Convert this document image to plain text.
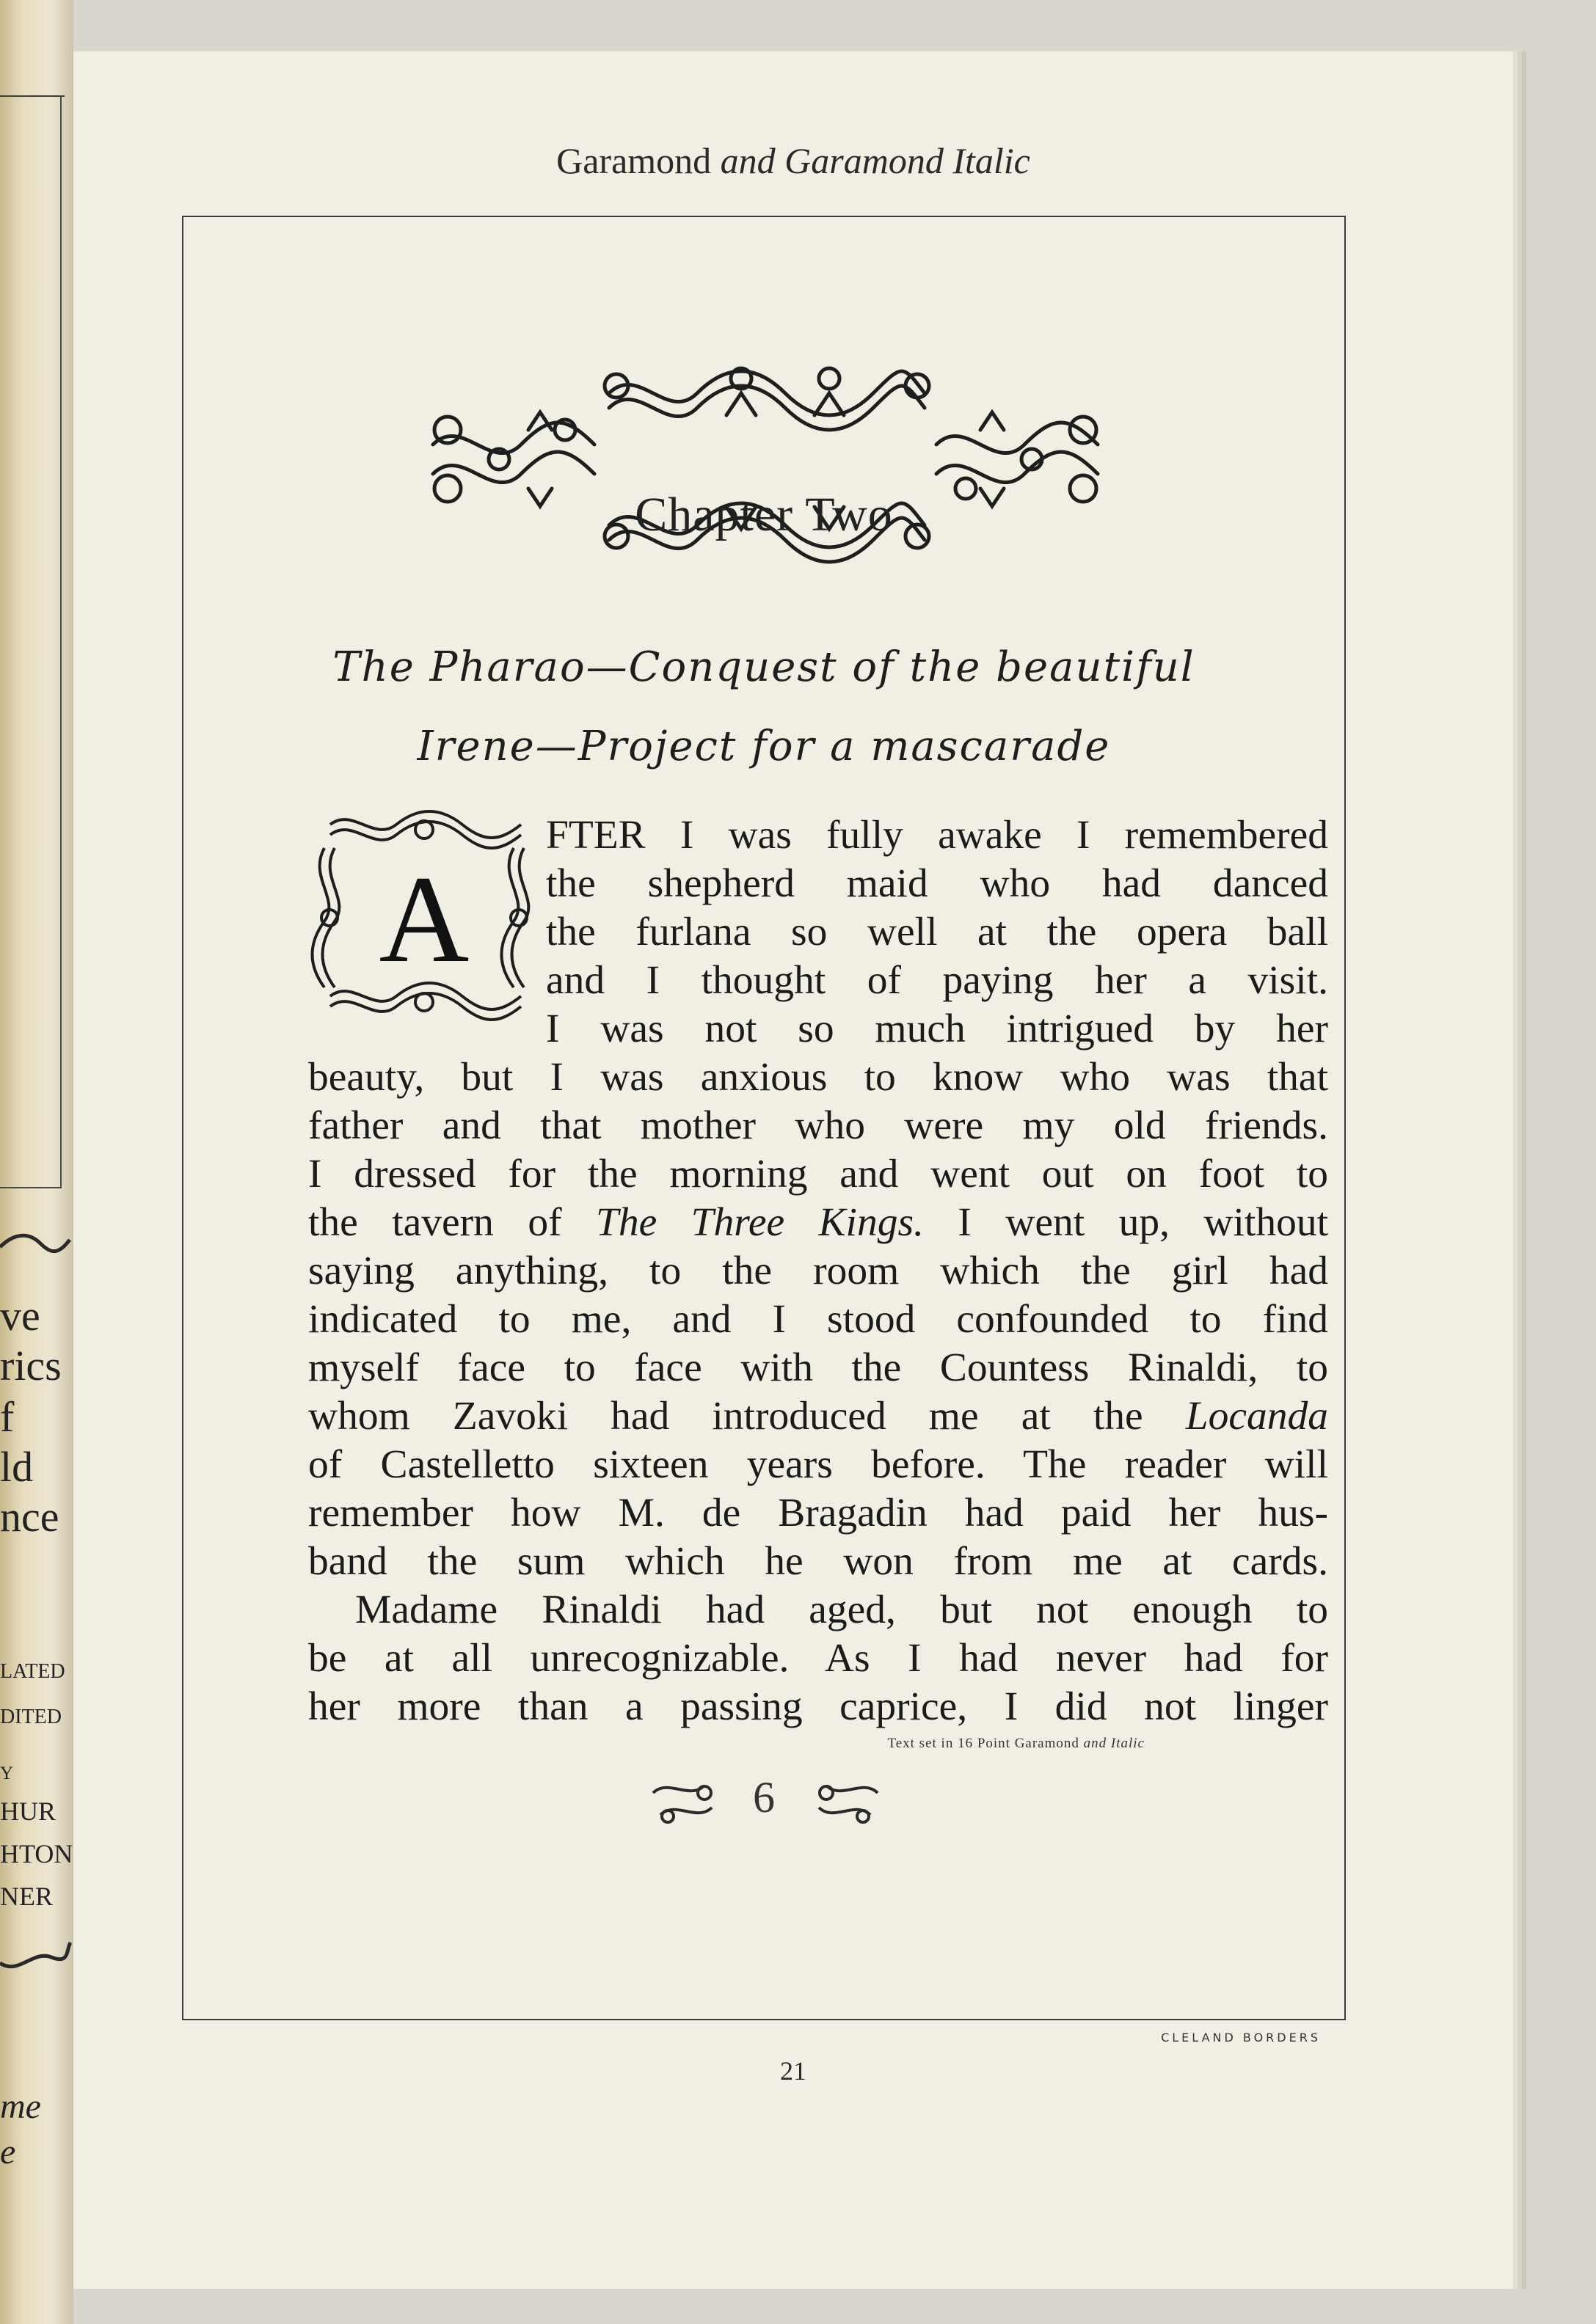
ve
rics
f
ld
nce
lated
dited
y
HUR
HTON
NER
me
e
Garamond and Garamond Italic
Chapter Two
The Pharao—Conquest of the beautiful
Irene—Project for a mascarade
A
FTER I was fully awake I remembered
the shepherd maid who had danced
the furlana so well at the opera ball
and I thought of paying her a visit.
I was not so much intrigued by her
beauty, but I was anxious to know who was that
father and that mother who were my old friends.
I dressed for the morning and went out on foot to
the tavern of The Three Kings. I went up, without
saying anything, to the room which the girl had
indicated to me, and I stood confounded to find
myself face to face with the Countess Rinaldi, to
whom Zavoki had introduced me at the Locanda
of Castelletto sixteen years before. The reader will
remember how M. de Bragadin had paid her hus-
band the sum which he won from me at cards.
Madame Rinaldi had aged, but not enough to
be at all unrecognizable. As I had never had for
her more than a passing caprice, I did not linger
Text set in 16 Point Garamond and Italic
6
CLELAND BORDERS
21
